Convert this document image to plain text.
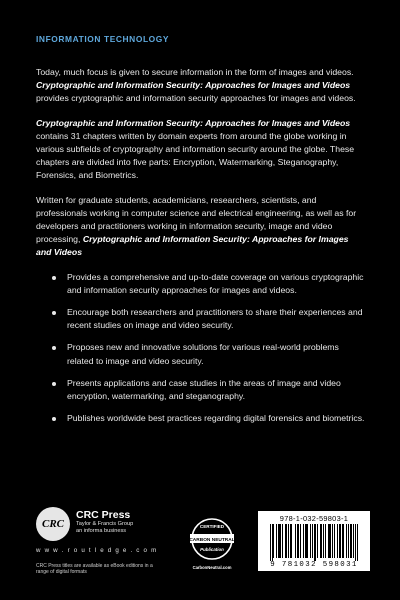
INFORMATION TECHNOLOGY

Today, much focus is given to secure information in the form of images and videos. Cryptographic and Information Security: Approaches for Images and Videos provides cryptographic and information security approaches for images and videos.

Cryptographic and Information Security: Approaches for Images and Videos contains 31 chapters written by domain experts from around the globe working in various subfields of cryptography and information security around the globe. These chapters are divided into five parts: Encryption, Watermarking, Steganography, Forensics, and Biometrics.

Written for graduate students, academicians, researchers, scientists, and professionals working in computer science and electrical engineering, as well as for developers and practitioners working in information security, image and video processing, Cryptographic and Information Security: Approaches for Images and Videos

Provides a comprehensive and up-to-date coverage on various cryptographic and information security approaches for images and videos.
Encourage both researchers and practitioners to share their experiences and recent studies on image and video security.
Proposes new and innovative solutions for various real-world problems related to image and video security.
Presents applications and case studies in the areas of image and video encryption, watermarking, and steganography.
Publishes worldwide best practices regarding digital forensics and biometrics.
CRC
CRC Press
Taylor & Francis Group
an informa business
w w w . r o u t l e d g e . c o m
CRC Press titles are available as eBook editions in a range of digital formats
CERTIFIED
CARBON NEUTRAL
Publication
CarbonNeutral.com
978-1-032-59803-1
9 781032 598031
